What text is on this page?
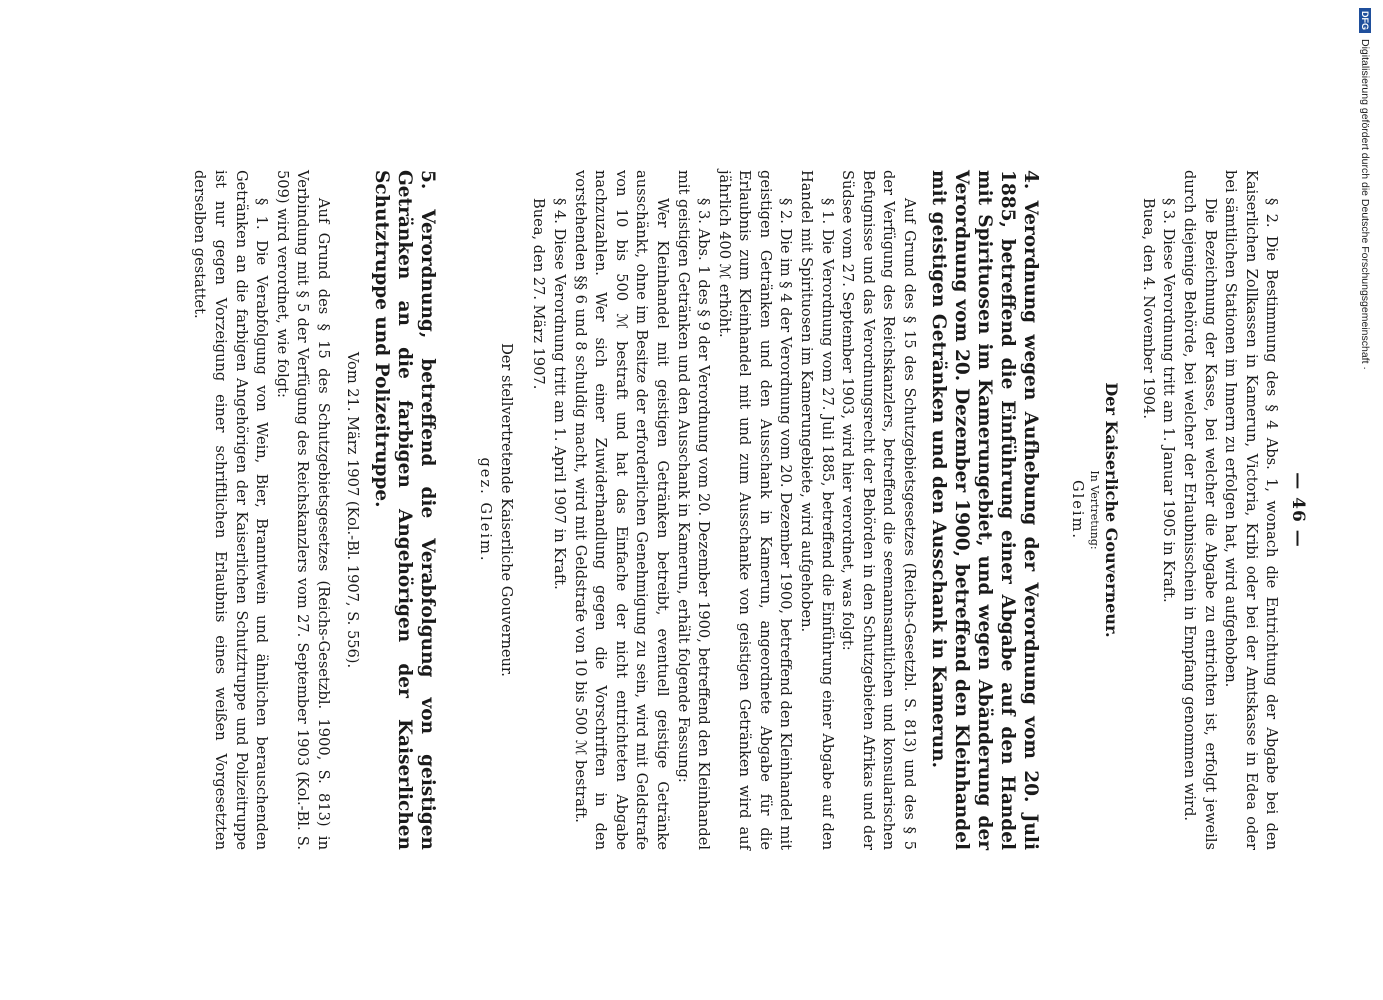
— 46 —

§ 2. Die Bestimmung des § 4 Abs. 1, wonach die Entrichtung der Abgabe bei den Kaiserlichen Zollkassen in Kamerun, Victoria, Kribi oder bei der Amtskasse in Edea oder bei sämtlichen Stationen im Innern zu erfolgen hat, wird aufgehoben.

Die Bezeichnung der Kasse, bei welcher die Abgabe zu entrichten ist, erfolgt jeweils durch diejenige Behörde, bei welcher der Erlaubnisschein in Empfang genommen wird.

§ 3. Diese Verordnung tritt am 1. Januar 1905 in Kraft.

Buea, den 4. November 1904.

Der Kaiserliche Gouverneur.

In Vertretung:

Gleim.

4. Verordnung wegen Aufhebung der Verordnung vom 20. Juli 1885, betreffend die Einführung einer Abgabe auf den Handel mit Spirituosen im Kamerungebiet, und wegen Abänderung der Verordnung vom 20. Dezember 1900, betreffend den Kleinhandel mit geistigen Getränken und den Ausschank in Kamerun.

Auf Grund des § 15 des Schutzgebietsgesetzes (Reichs-Gesetzbl. S. 813) und des § 5 der Verfügung des Reichskanzlers, betreffend die seemannsamtlichen und konsularischen Befugnisse und das Verordnungsrecht der Behörden in den Schutzgebieten Afrikas und der Südsee vom 27. September 1903, wird hier verordnet, was folgt:

§ 1. Die Verordnung vom 27. Juli 1885, betreffend die Einführung einer Abgabe auf den Handel mit Spirituosen im Kamerungebiete, wird aufgehoben.

§ 2. Die im § 4 der Verordnung vom 20. Dezember 1900, betreffend den Kleinhandel mit geistigen Getränken und den Ausschank in Kamerun, angeordnete Abgabe für die Erlaubnis zum Kleinhandel mit und zum Ausschanke von geistigen Getränken wird auf jährlich 400 ℳ erhöht.

§ 3. Abs. 1 des § 9 der Verordnung vom 20. Dezember 1900, betreffend den Kleinhandel mit geistigen Getränken und den Ausschank in Kamerun, erhält folgende Fassung:

Wer Kleinhandel mit geistigen Getränken betreibt, eventuell geistige Getränke ausschänkt, ohne im Besitze der erforderlichen Genehmigung zu sein, wird mit Geldstrafe von 10 bis 500 ℳ bestraft und hat das Einfache der nicht entrichteten Abgabe nachzuzahlen. Wer sich einer Zuwiderhandlung gegen die Vorschriften in den vorstehenden §§ 6 und 8 schuldig macht, wird mit Geldstrafe von 10 bis 500 ℳ bestraft.

§ 4. Diese Verordnung tritt am 1. April 1907 in Kraft.

Buea, den 27. März 1907.

Der stellvertretende Kaiserliche Gouverneur.

gez. Gleim.

5. Verordnung, betreffend die Verabfolgung von geistigen Getränken an die farbigen Angehörigen der Kaiserlichen Schutztruppe und Polizeitruppe.

Vom 21. März 1907 (Kol.-Bl. 1907, S. 556).

Auf Grund des § 15 des Schutzgebietsgesetzes (Reichs-Gesetzbl. 1900, S. 813) in Verbindung mit § 5 der Verfügung des Reichskanzlers vom 27. September 1903 (Kol.-Bl. S. 509) wird verordnet, wie folgt:

§ 1. Die Verabfolgung von Wein, Bier, Branntwein und ähnlichen berauschenden Getränken an die farbigen Angehörigen der Kaiserlichen Schutztruppe und Polizeitruppe ist nur gegen Vorzeigung einer schriftlichen Erlaubnis eines weißen Vorgesetzten derselben gestattet.

DFG
Digitalisierung gefördert durch die Deutsche Forschungsgemeinschaft ·
